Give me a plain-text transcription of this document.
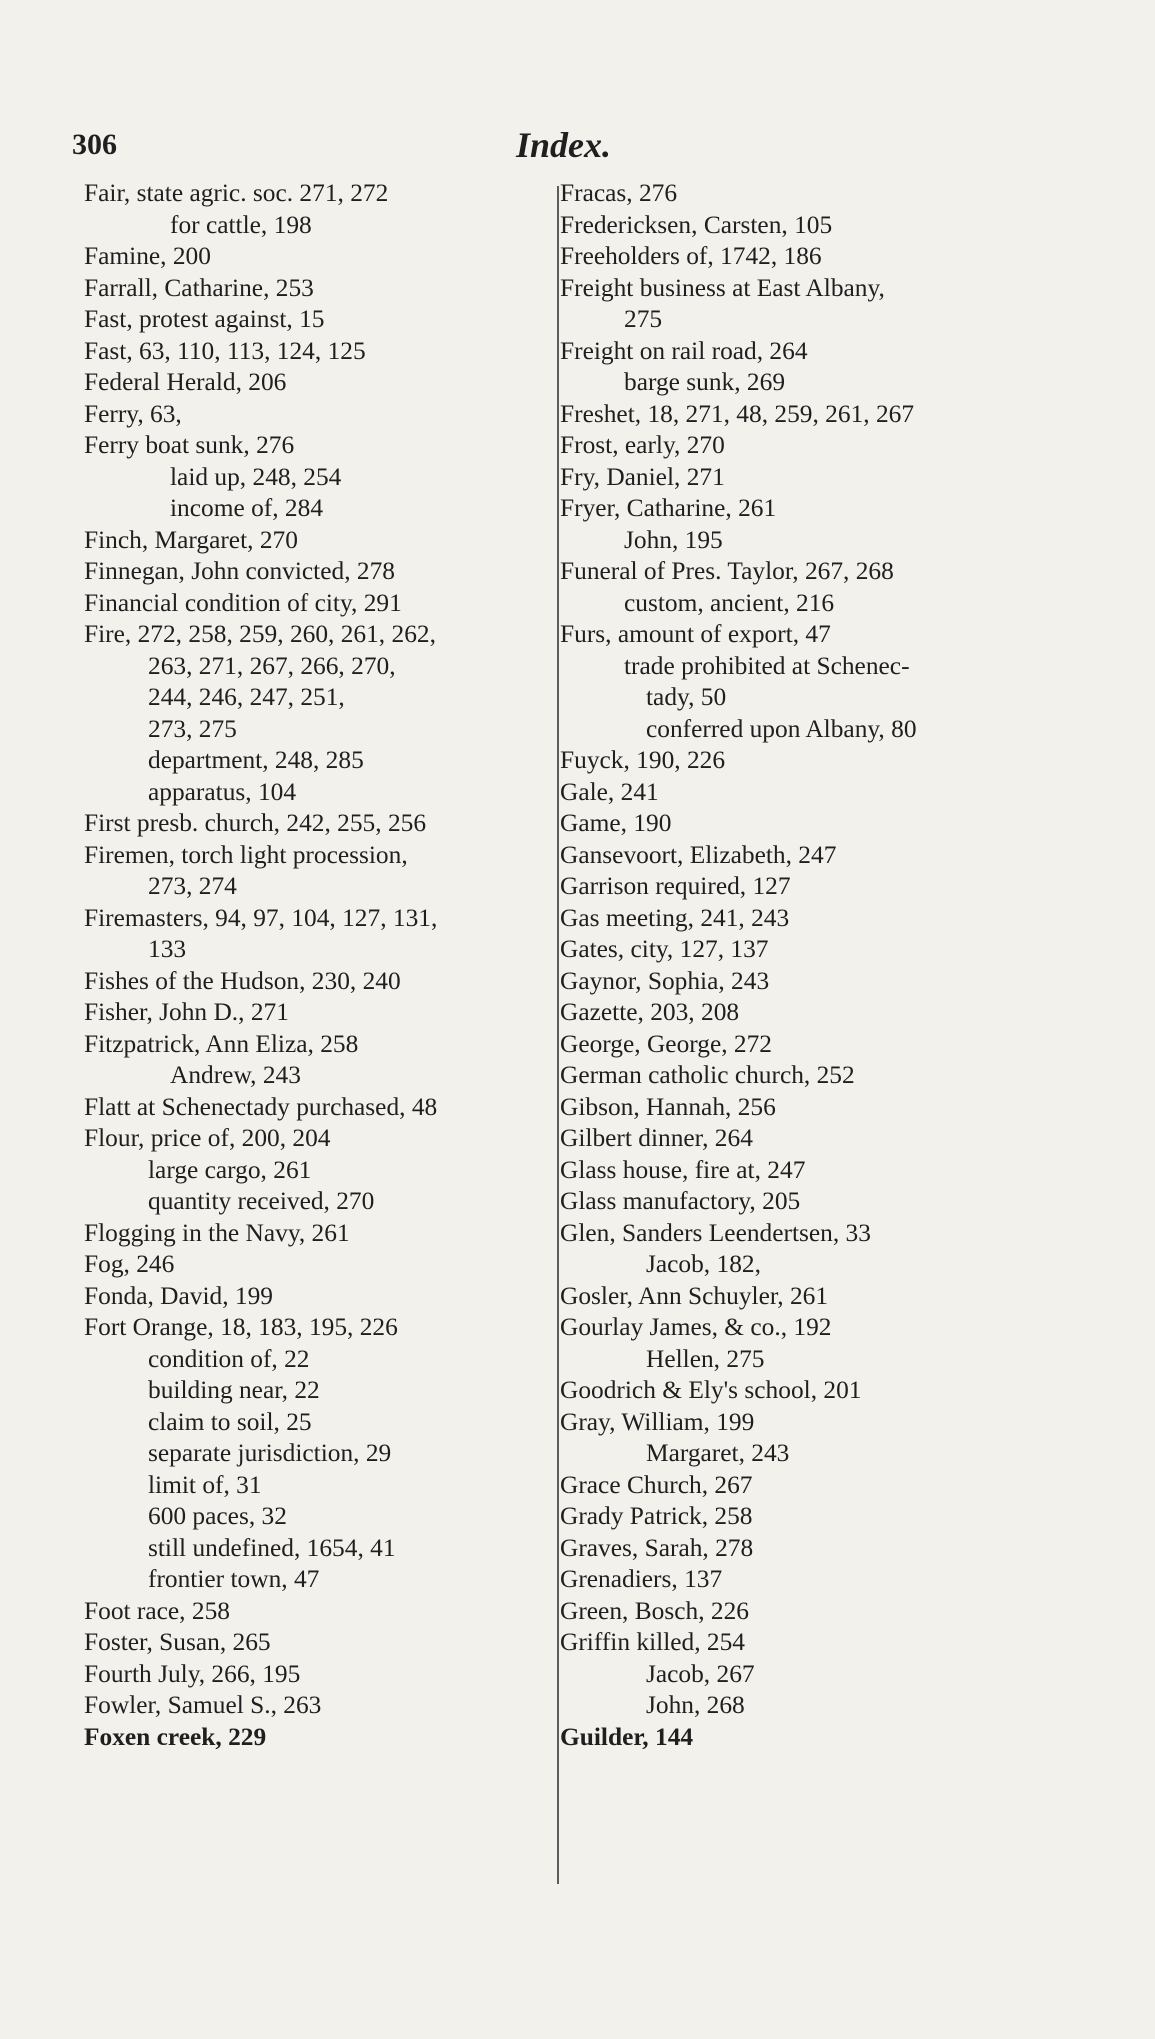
306	Index.
Fair, state agric. soc. 271, 272
for cattle, 198
Famine, 200
Farrall, Catharine, 253
Fast, protest against, 15
Fast, 63, 110, 113, 124, 125
Federal Herald, 206
Ferry, 63,
Ferry boat sunk, 276
laid up, 248, 254
income of, 284
Finch, Margaret, 270
Finnegan, John convicted, 278
Financial condition of city, 291
Fire, 272, 258, 259, 260, 261, 262,
263, 271, 267, 266, 270,
244, 246, 247, 251,
273, 275
department, 248, 285
apparatus, 104
First presb. church, 242, 255, 256
Firemen, torch light procession,
273, 274
Firemasters, 94, 97, 104, 127, 131,
133
Fishes of the Hudson, 230, 240
Fisher, John D., 271
Fitzpatrick, Ann Eliza, 258
Andrew, 243
Flatt at Schenectady purchased, 48
Flour, price of, 200, 204
large cargo, 261
quantity received, 270
Flogging in the Navy, 261
Fog, 246
Fonda, David, 199
Fort Orange, 18, 183, 195, 226
condition of, 22
building near, 22
claim to soil, 25
separate jurisdiction, 29
limit of, 31
600 paces, 32
still undefined, 1654, 41
frontier town, 47
Foot race, 258
Foster, Susan, 265
Fourth July, 266, 195
Fowler, Samuel S., 263
Foxen creek, 229
Fracas, 276
Fredericksen, Carsten, 105
Freeholders of, 1742, 186
Freight business at East Albany,
275
Freight on rail road, 264
barge sunk, 269
Freshet, 18, 271, 48, 259, 261, 267
Frost, early, 270
Fry, Daniel, 271
Fryer, Catharine, 261
John, 195
Funeral of Pres. Taylor, 267, 268
custom, ancient, 216
Furs, amount of export, 47
trade prohibited at Schenec-
tady, 50
conferred upon Albany, 80
Fuyck, 190, 226
Gale, 241
Game, 190
Gansevoort, Elizabeth, 247
Garrison required, 127
Gas meeting, 241, 243
Gates, city, 127, 137
Gaynor, Sophia, 243
Gazette, 203, 208
George, George, 272
German catholic church, 252
Gibson, Hannah, 256
Gilbert dinner, 264
Glass house, fire at, 247
Glass manufactory, 205
Glen, Sanders Leendertsen, 33
Jacob, 182,
Gosler, Ann Schuyler, 261
Gourlay James, & co., 192
Hellen, 275
Goodrich & Ely's school, 201
Gray, William, 199
Margaret, 243
Grace Church, 267
Grady Patrick, 258
Graves, Sarah, 278
Grenadiers, 137
Green, Bosch, 226
Griffin killed, 254
Jacob, 267
John, 268
Guilder, 144
